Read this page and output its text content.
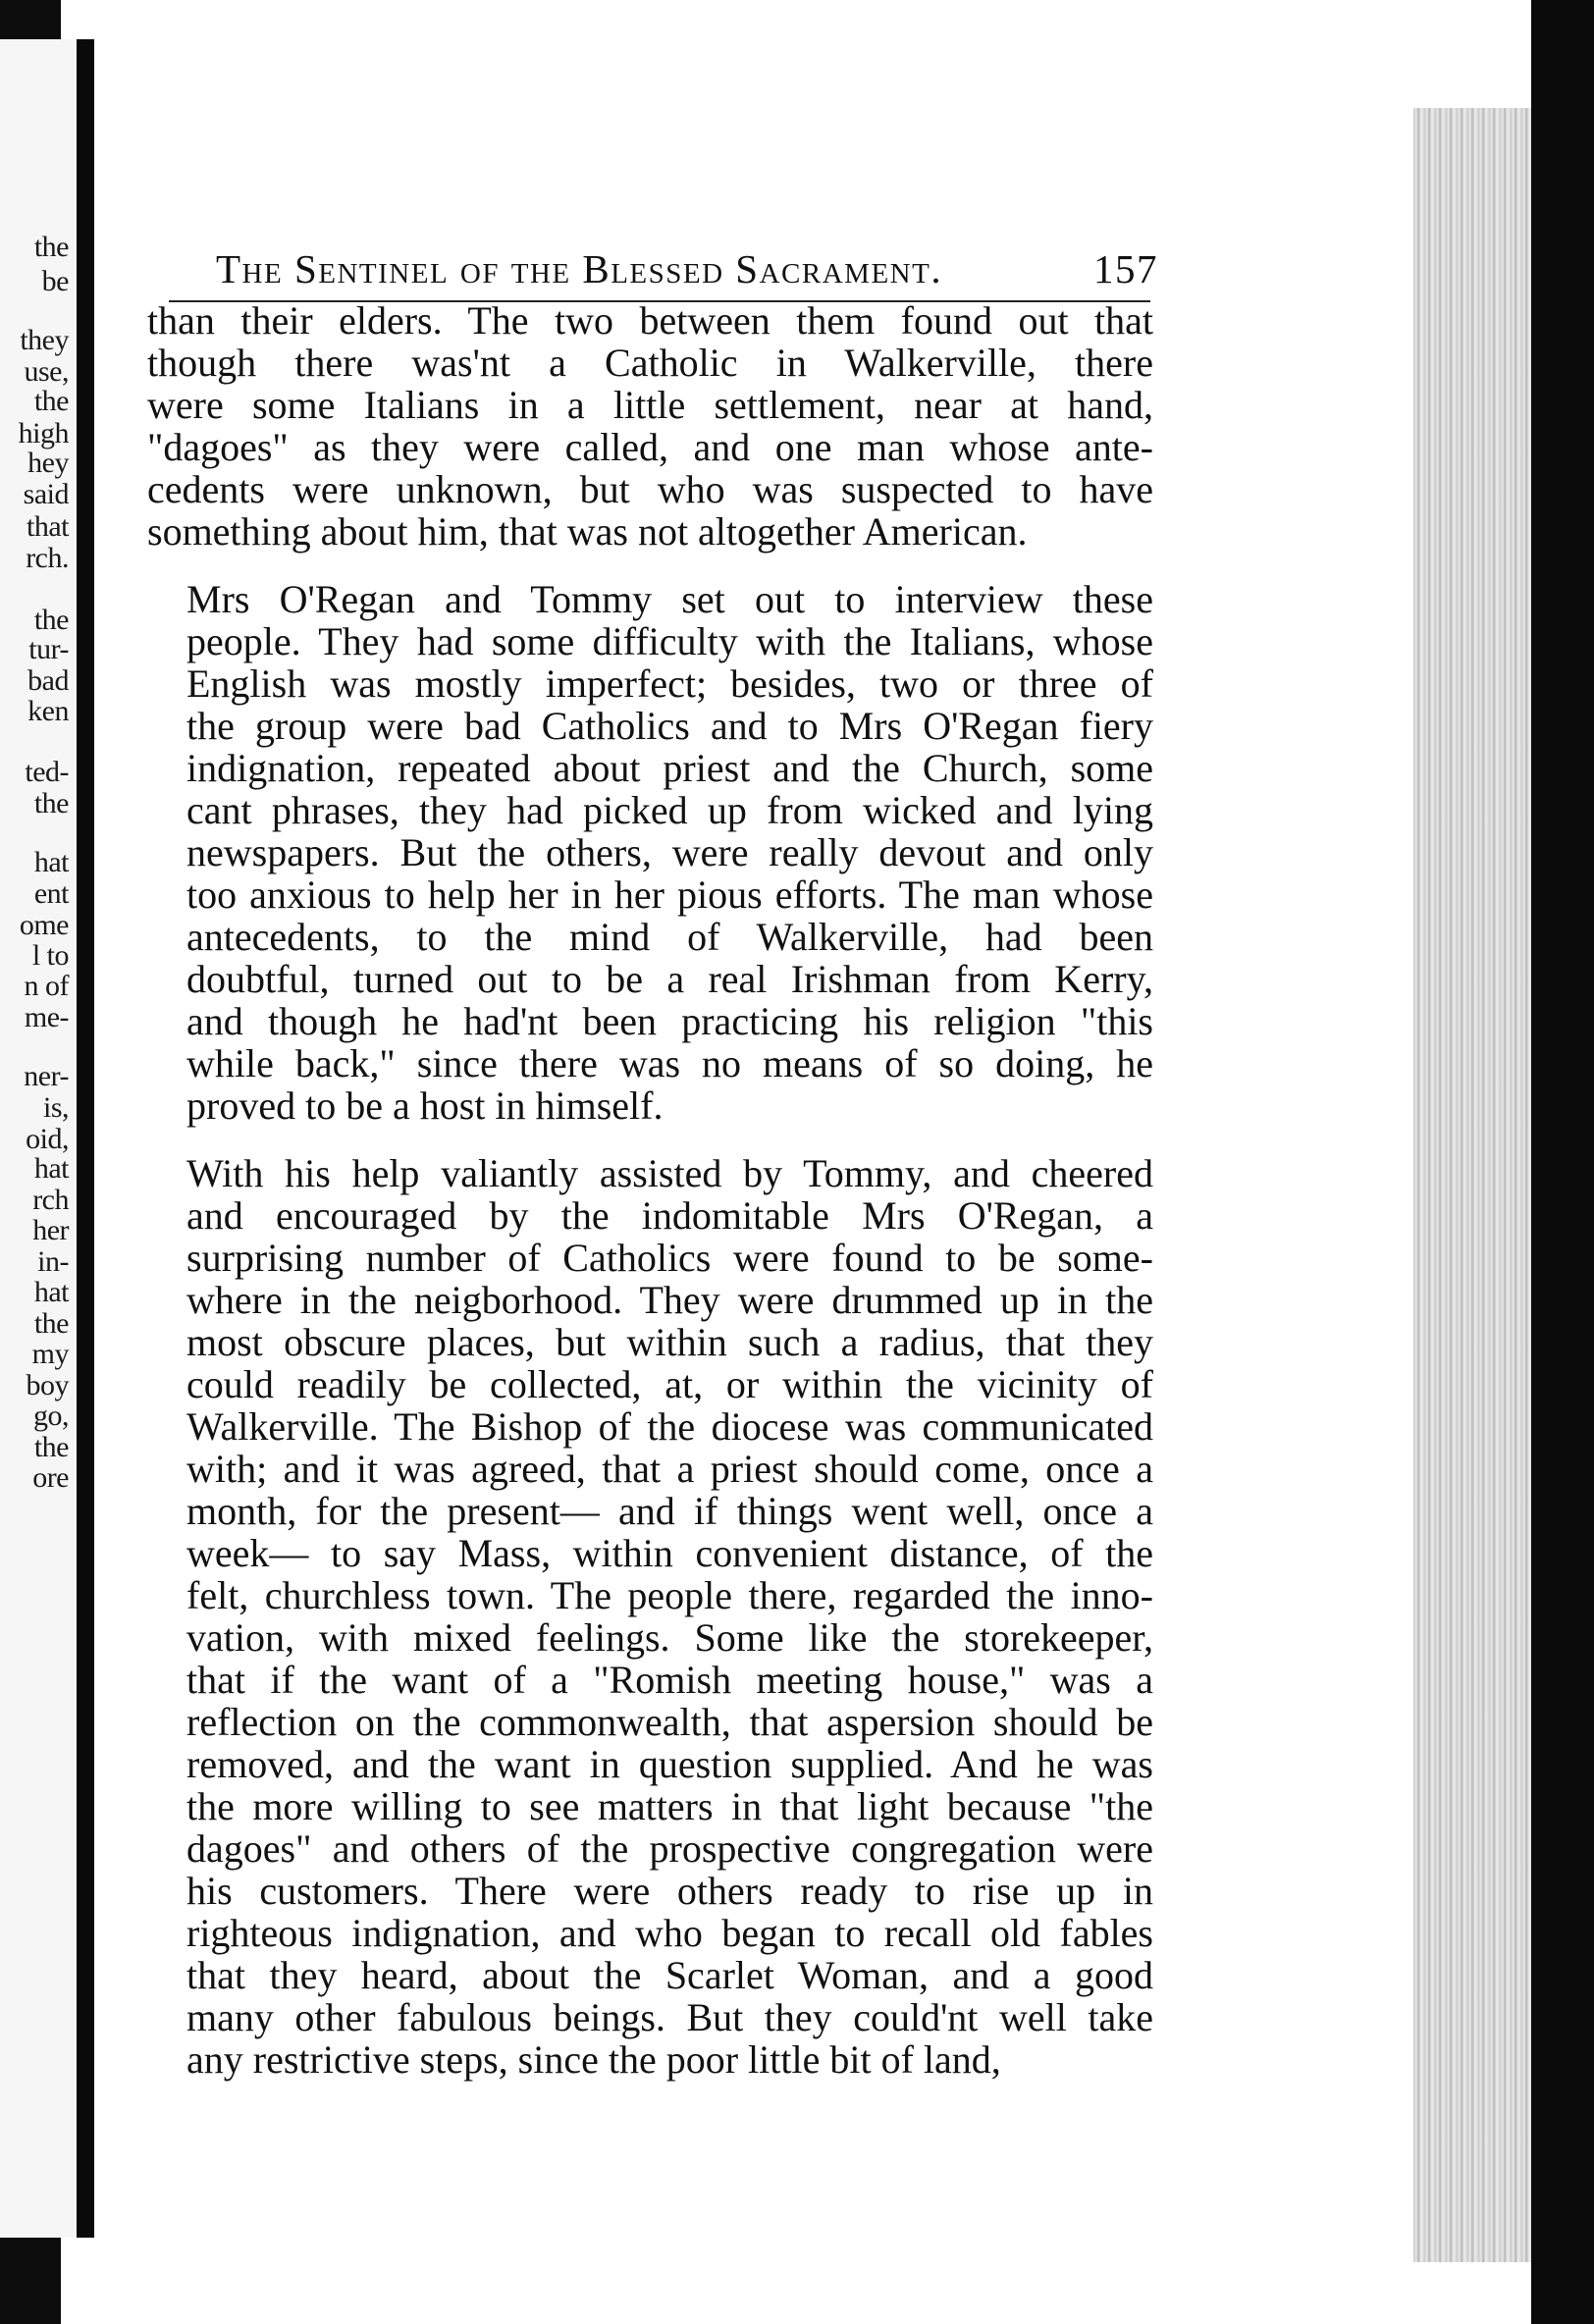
the
be
they
use,
the
high
hey
said
that
rch.
the
tur-
bad
ken
ted-
the
hat
ent
ome
l to
n of
me-
ner-
is,
oid,
hat
rch
her
in-
hat
the
my
boy
go,
the
ore
The Sentinel of the Blessed Sacrament.	157

than their elders. The two between them found out that
though there was'nt a Catholic in Walkerville, there
were some Italians in a little settlement, near at hand,
"dagoes" as they were called, and one man whose ante-
cedents were unknown, but who was suspected to have
something about him, that was not altogether American.

Mrs O'Regan and Tommy set out to interview these
people. They had some difficulty with the Italians, whose
English was mostly imperfect; besides, two or three of
the group were bad Catholics and to Mrs O'Regan fiery
indignation, repeated about priest and the Church, some
cant phrases, they had picked up from wicked and lying
newspapers. But the others, were really devout and only
too anxious to help her in her pious efforts. The man whose
antecedents, to the mind of Walkerville, had been
doubtful, turned out to be a real Irishman from Kerry,
and though he had'nt been practicing his religion "this
while back," since there was no means of so doing, he
proved to be a host in himself.

With his help valiantly assisted by Tommy, and cheered
and encouraged by the indomitable Mrs O'Regan, a
surprising number of Catholics were found to be some-
where in the neigborhood. They were drummed up in the
most obscure places, but within such a radius, that they
could readily be collected, at, or within the vicinity of
Walkerville. The Bishop of the diocese was communicated
with; and it was agreed, that a priest should come, once a
month, for the present— and if things went well, once a
week— to say Mass, within convenient distance, of the
felt, churchless town. The people there, regarded the inno-
vation, with mixed feelings. Some like the storekeeper,
that if the want of a "Romish meeting house," was a
reflection on the commonwealth, that aspersion should be
removed, and the want in question supplied. And he was
the more willing to see matters in that light because "the
dagoes" and others of the prospective congregation were
his customers. There were others ready to rise up in
righteous indignation, and who began to recall old fables
that they heard, about the Scarlet Woman, and a good
many other fabulous beings. But they could'nt well take
any restrictive steps, since the poor little bit of land,
